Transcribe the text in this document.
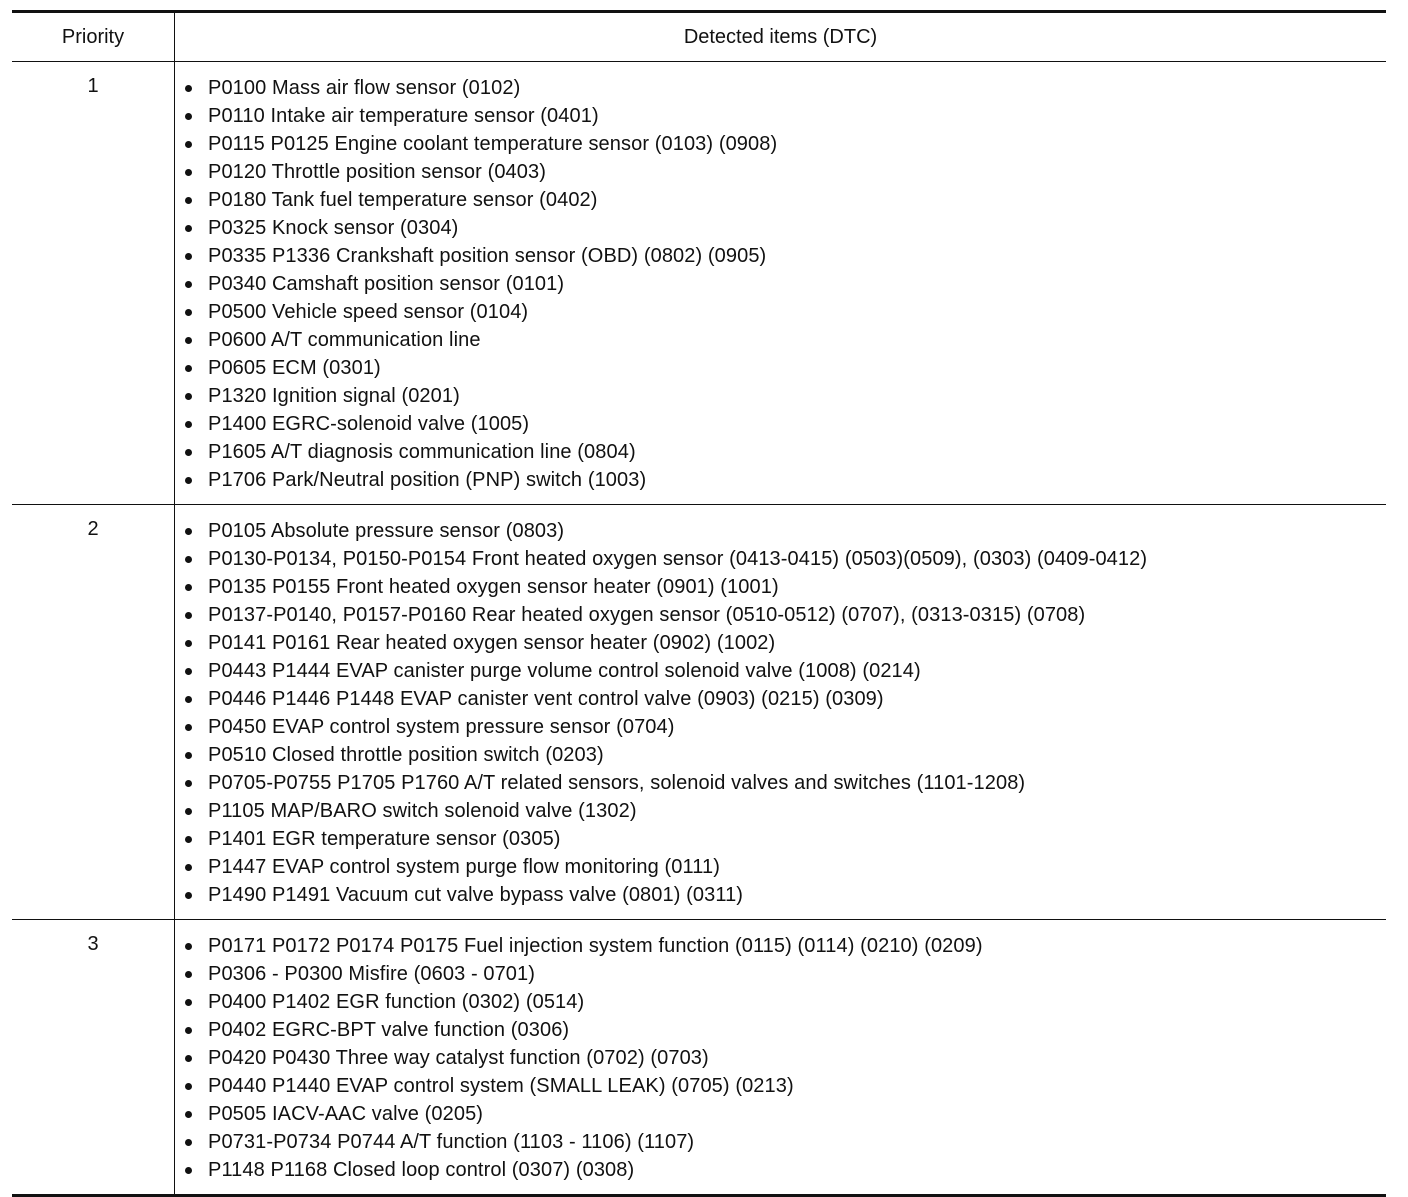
Priority	Detected items (DTC)
1	P0100 Mass air flow sensor (0102)
P0110 Intake air temperature sensor (0401)
P0115 P0125 Engine coolant temperature sensor (0103) (0908)
P0120 Throttle position sensor (0403)
P0180 Tank fuel temperature sensor (0402)
P0325 Knock sensor (0304)
P0335 P1336 Crankshaft position sensor (OBD) (0802) (0905)
P0340 Camshaft position sensor (0101)
P0500 Vehicle speed sensor (0104)
P0600 A/T communication line
P0605 ECM (0301)
P1320 Ignition signal (0201)
P1400 EGRC-solenoid valve (1005)
P1605 A/T diagnosis communication line (0804)
P1706 Park/Neutral position (PNP) switch (1003)
2	P0105 Absolute pressure sensor (0803)
P0130-P0134, P0150-P0154 Front heated oxygen sensor (0413-0415) (0503)(0509), (0303) (0409-0412)
P0135 P0155 Front heated oxygen sensor heater (0901) (1001)
P0137-P0140, P0157-P0160 Rear heated oxygen sensor (0510-0512) (0707), (0313-0315) (0708)
P0141 P0161 Rear heated oxygen sensor heater (0902) (1002)
P0443 P1444 EVAP canister purge volume control solenoid valve (1008) (0214)
P0446 P1446 P1448 EVAP canister vent control valve (0903) (0215) (0309)
P0450 EVAP control system pressure sensor (0704)
P0510 Closed throttle position switch (0203)
P0705-P0755 P1705 P1760 A/T related sensors, solenoid valves and switches (1101-1208)
P1105 MAP/BARO switch solenoid valve (1302)
P1401 EGR temperature sensor (0305)
P1447 EVAP control system purge flow monitoring (0111)
P1490 P1491 Vacuum cut valve bypass valve (0801) (0311)
3	P0171 P0172 P0174 P0175 Fuel injection system function (0115) (0114) (0210) (0209)
P0306 - P0300 Misfire (0603 - 0701)
P0400 P1402 EGR function (0302) (0514)
P0402 EGRC-BPT valve function (0306)
P0420 P0430 Three way catalyst function (0702) (0703)
P0440 P1440 EVAP control system (SMALL LEAK) (0705) (0213)
P0505 IACV-AAC valve (0205)
P0731-P0734 P0744 A/T function (1103 - 1106) (1107)
P1148 P1168 Closed loop control (0307) (0308)
